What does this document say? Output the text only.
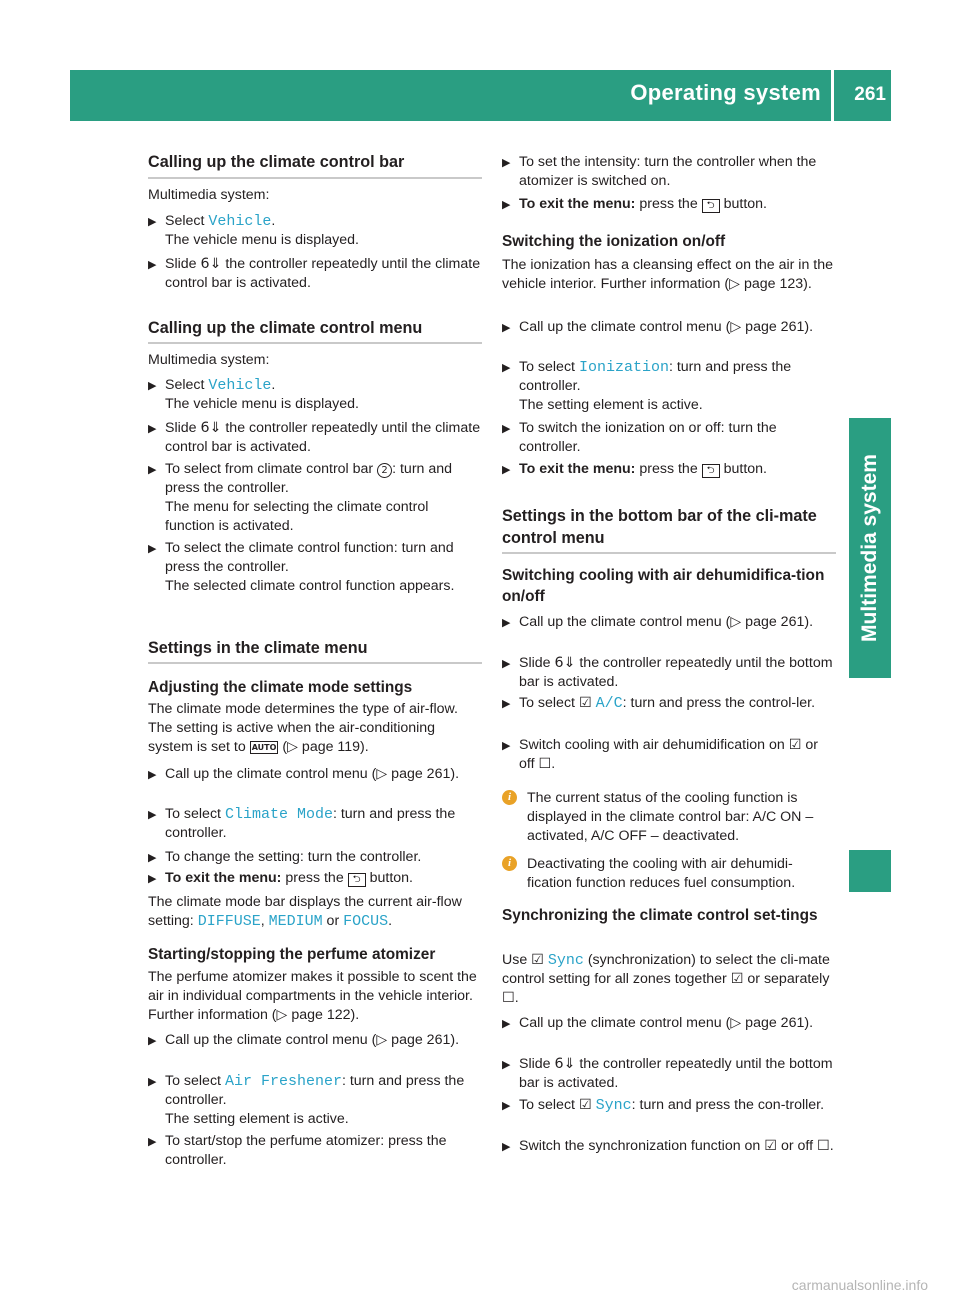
Operating system 261
Multimedia system
Calling up the climate control bar
Multimedia system:
▶ Select Vehicle.
The vehicle menu is displayed.
▶ Slide 6⇓ the controller repeatedly until the climate control bar is activated.
Calling up the climate control menu
Multimedia system:
▶ Select Vehicle.
The vehicle menu is displayed.
▶ Slide 6⇓ the controller repeatedly until the climate control bar is activated.
▶ To select from climate control bar 2 : turn and press the controller.
The menu for selecting the climate control function is activated.
▶ To select the climate control function: turn and press the controller.
The selected climate control function appears.
Settings in the climate menu
Adjusting the climate mode settings
The climate mode determines the type of air-flow. The setting is active when the air-conditioning system is set to AUTO (▷ page 119).
▶ Call up the climate control menu (▷ page 261).
▶ To select Climate Mode: turn and press the controller.
▶ To change the setting: turn the controller.
▶ To exit the menu: press the ⮌ button.
The climate mode bar displays the current air-flow setting: DIFFUSE, MEDIUM or FOCUS.
Starting/stopping the perfume atomizer
The perfume atomizer makes it possible to scent the air in individual compartments in the vehicle interior. Further information (▷ page 122).
▶ Call up the climate control menu (▷ page 261).
▶ To select Air Freshener: turn and press the controller.
The setting element is active.
▶ To start/stop the perfume atomizer: press the controller.
▶ To set the intensity: turn the controller when the atomizer is switched on.
▶ To exit the menu: press the ⮌ button.
Switching the ionization on/off
The ionization has a cleansing effect on the air in the vehicle interior. Further information (▷ page 123).
▶ Call up the climate control menu (▷ page 261).
▶ To select Ionization: turn and press the controller.
The setting element is active.
▶ To switch the ionization on or off: turn the controller.
▶ To exit the menu: press the ⮌ button.
Settings in the bottom bar of the cli-mate control menu
Switching cooling with air dehumidifica-tion on/off
▶ Call up the climate control menu (▷ page 261).
▶ Slide 6⇓ the controller repeatedly until the bottom bar is activated.
▶ To select ☑ A/C: turn and press the control-ler.
▶ Switch cooling with air dehumidification on ☑ or off ☐.
i	The current status of the cooling function is displayed in the climate control bar: A/C ON – activated, A/C OFF – deactivated.
i	Deactivating the cooling with air dehumidi-fication function reduces fuel consumption.
Synchronizing the climate control set-tings
Use ☑ Sync (synchronization) to select the cli-mate control setting for all zones together ☑ or separately ☐.
▶ Call up the climate control menu (▷ page 261).
▶ Slide 6⇓ the controller repeatedly until the bottom bar is activated.
▶ To select ☑ Sync: turn and press the con-troller.
▶ Switch the synchronization function on ☑ or off ☐.
carmanualsonline.info
